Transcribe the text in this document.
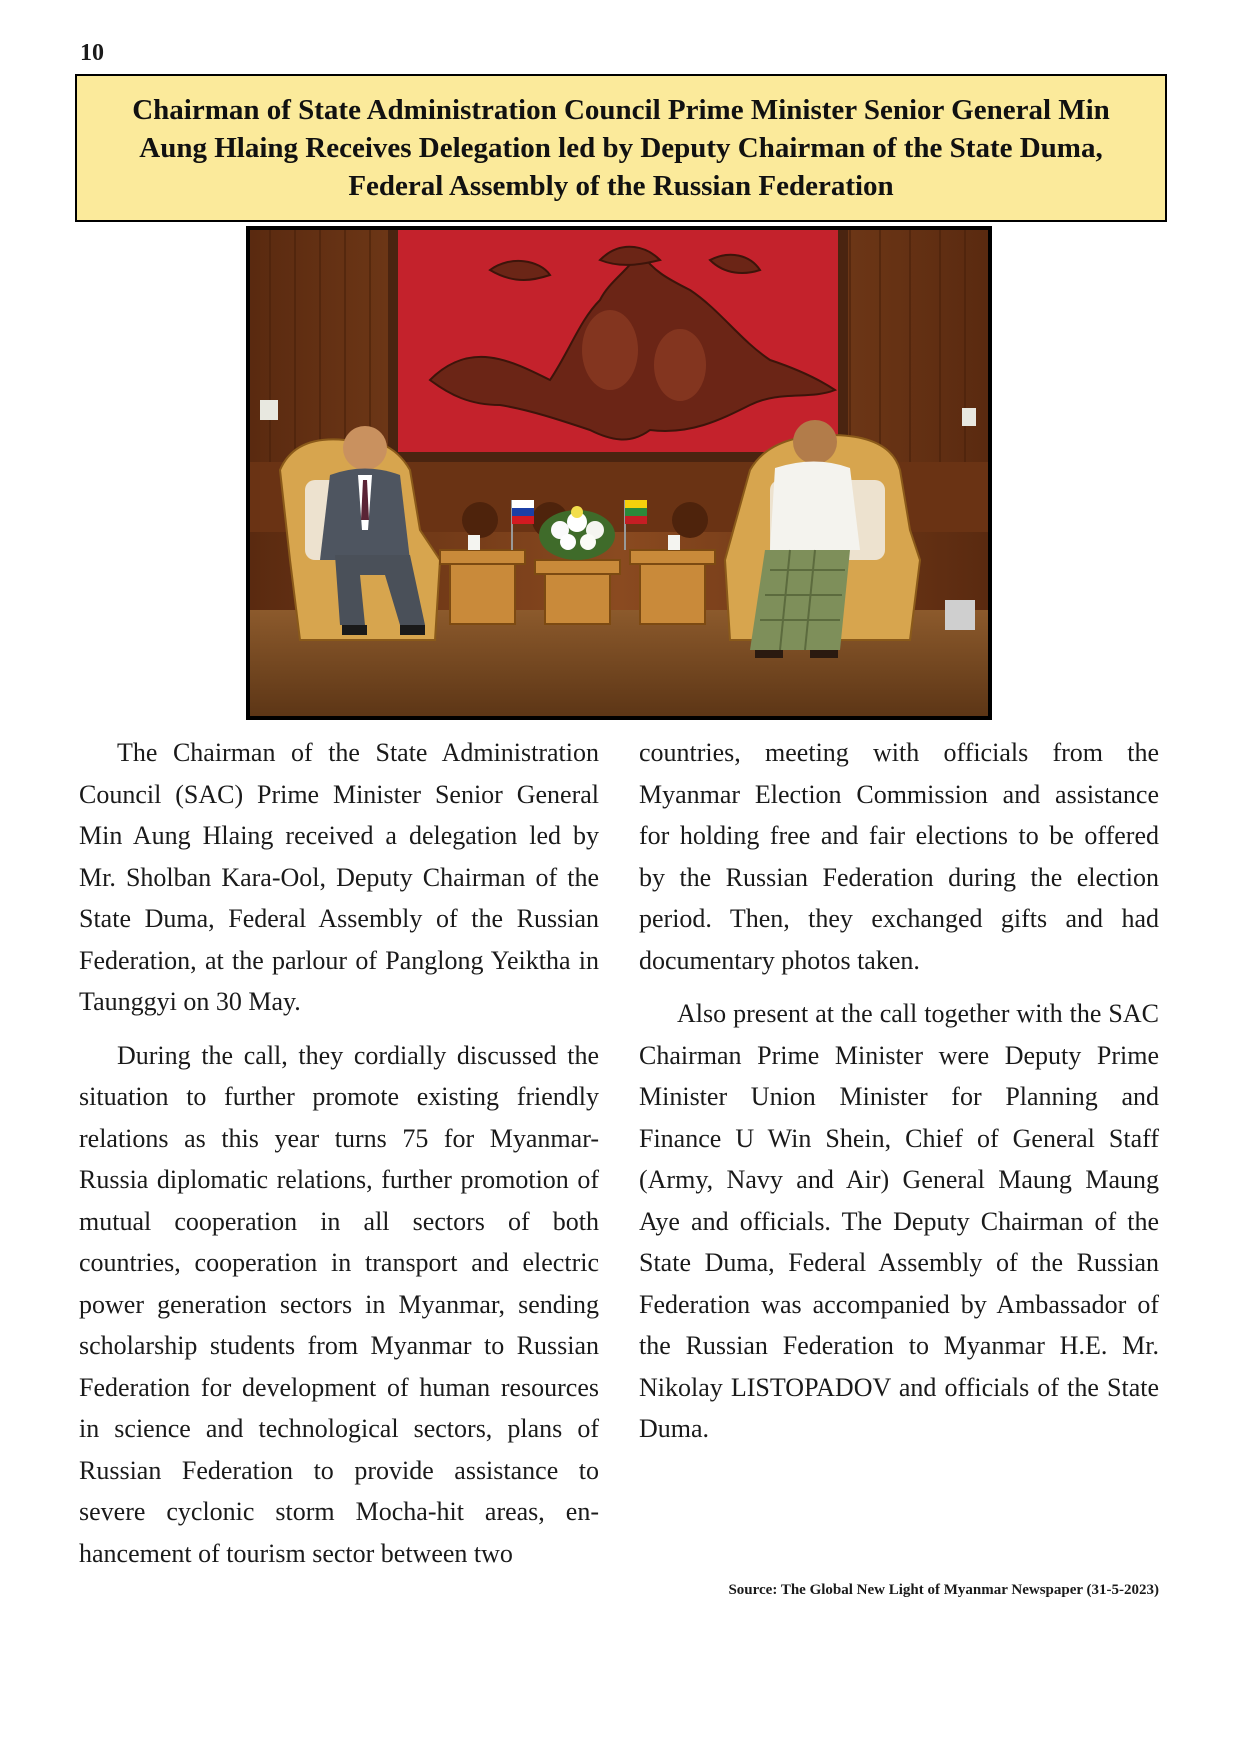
10
Chairman of State Administration Council Prime Minister Senior General Min Aung Hlaing Receives Delegation led by Deputy Chairman of the State Duma, Federal Assembly of the Russian Federation

The Chairman of the State Administration Council (SAC) Prime Minister Senior General Min Aung Hlaing received a delegation led by Mr. Sholban Kara-Ool, Deputy Chairman of the State Duma, Federal Assembly of the Russian Federation, at the parlour of Panglong Yeiktha in Taunggyi on 30 May.

During the call, they cordially discussed the situation to further promote existing friendly relations as this year turns 75 for Myanmar-Russia diplomatic relations, further promotion of mutual cooperation in all sectors of both countries, cooperation in transport and electric power generation sectors in Myanmar, sending scholarship students from Myanmar to Russian Federation for development of human resources in science and technological sectors, plans of Russian Federation to provide assistance to severe cyclonic storm Mocha-hit areas, enhancement of tourism sector between two

countries, meeting with officials from the Myanmar Election Commission and assistance for holding free and fair elections to be offered by the Russian Federation during the election period. Then, they exchanged gifts and had documentary photos taken.

Also present at the call together with the SAC Chairman Prime Minister were Deputy Prime Minister Union Minister for Planning and Finance U Win Shein, Chief of General Staff (Army, Navy and Air) General Maung Maung Aye and officials. The Deputy Chairman of the State Duma, Federal Assembly of the Russian Federation was accompanied by Ambassador of the Russian Federation to Myanmar H.E. Mr. Nikolay LISTOPADOV and officials of the State Duma.

Source: The Global New Light of Myanmar Newspaper (31-5-2023)
